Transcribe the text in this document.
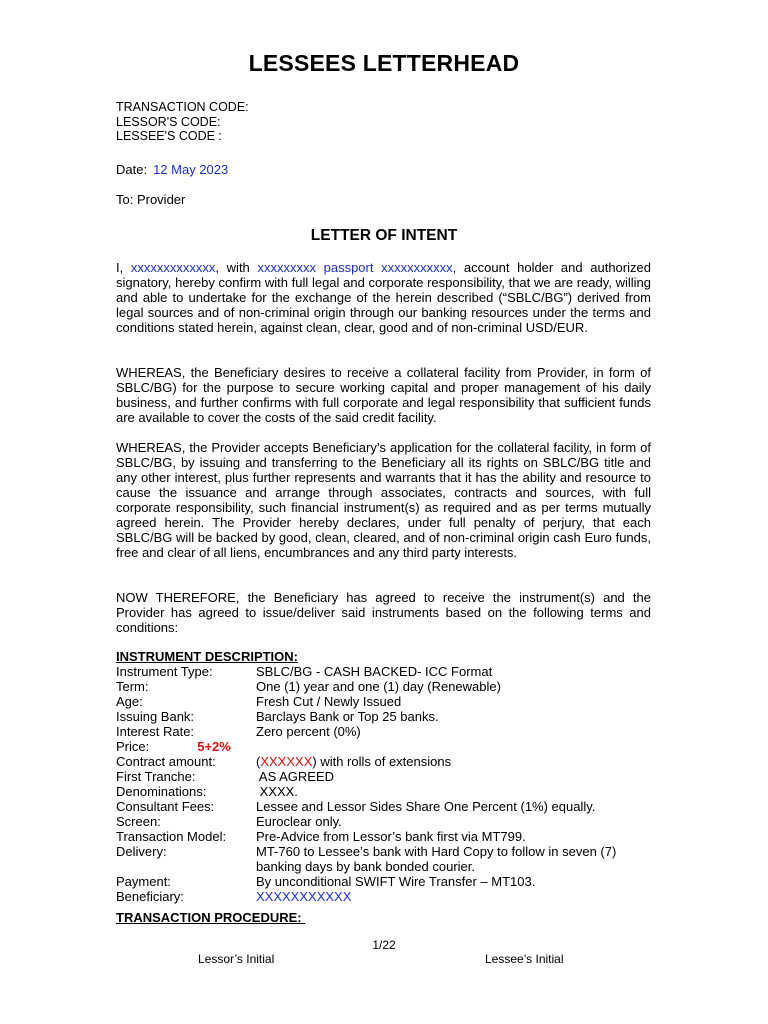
LESSEES LETTERHEAD
TRANSACTION CODE:
LESSOR'S CODE:
LESSEE'S CODE :
Date: 12 May 2023
To: Provider
LETTER OF INTENT
I, xxxxxxxxxxxxx, with xxxxxxxxx passport xxxxxxxxxxx, account holder and authorized signatory, hereby confirm with full legal and corporate responsibility, that we are ready, willing and able to undertake for the exchange of the herein described (“SBLC/BG”) derived from legal sources and of non-criminal origin through our banking resources under the terms and conditions stated herein, against clean, clear, good and of non-criminal USD/EUR.
WHEREAS, the Beneficiary desires to receive a collateral facility from Provider, in form of SBLC/BG) for the purpose to secure working capital and proper management of his daily business, and further confirms with full corporate and legal responsibility that sufficient funds are available to cover the costs of the said credit facility.
WHEREAS, the Provider accepts Beneficiary’s application for the collateral facility, in form of SBLC/BG, by issuing and transferring to the Beneficiary all its rights on SBLC/BG title and any other interest, plus further represents and warrants that it has the ability and resource to cause the issuance and arrange through associates, contracts and sources, with full corporate responsibility, such financial instrument(s) as required and as per terms mutually agreed herein. The Provider hereby declares, under full penalty of perjury, that each SBLC/BG will be backed by good, clean, cleared, and of non-criminal origin cash Euro funds, free and clear of all liens, encumbrances and any third party interests.
NOW THEREFORE, the Beneficiary has agreed to receive the instrument(s) and the Provider has agreed to issue/deliver said instruments based on the following terms and conditions:
INSTRUMENT DESCRIPTION:
Instrument Type:	SBLC/BG - CASH BACKED- ICC Format
Term:	One (1) year and one (1) day (Renewable)
Age:	Fresh Cut / Newly Issued
Issuing Bank:	Barclays Bank or Top 25 banks.
Interest Rate:	Zero percent (0%)
Price:	5+2%
Contract amount:	(XXXXXX) with rolls of extensions
First Tranche:	AS AGREED
Denominations:	XXXX.
Consultant Fees:	Lessee and Lessor Sides Share One Percent (1%) equally.
Screen:	Euroclear only.
Transaction Model:	Pre-Advice from Lessor’s bank first via MT799.
Delivery:	MT-760 to Lessee’s bank with Hard Copy to follow in seven (7) banking days by bank bonded courier.
Payment:	By unconditional SWIFT Wire Transfer – MT103.
Beneficiary:	XXXXXXXXXXX
TRANSACTION PROCEDURE:
1/22
Lessor’s Initial	Lessee’s Initial
